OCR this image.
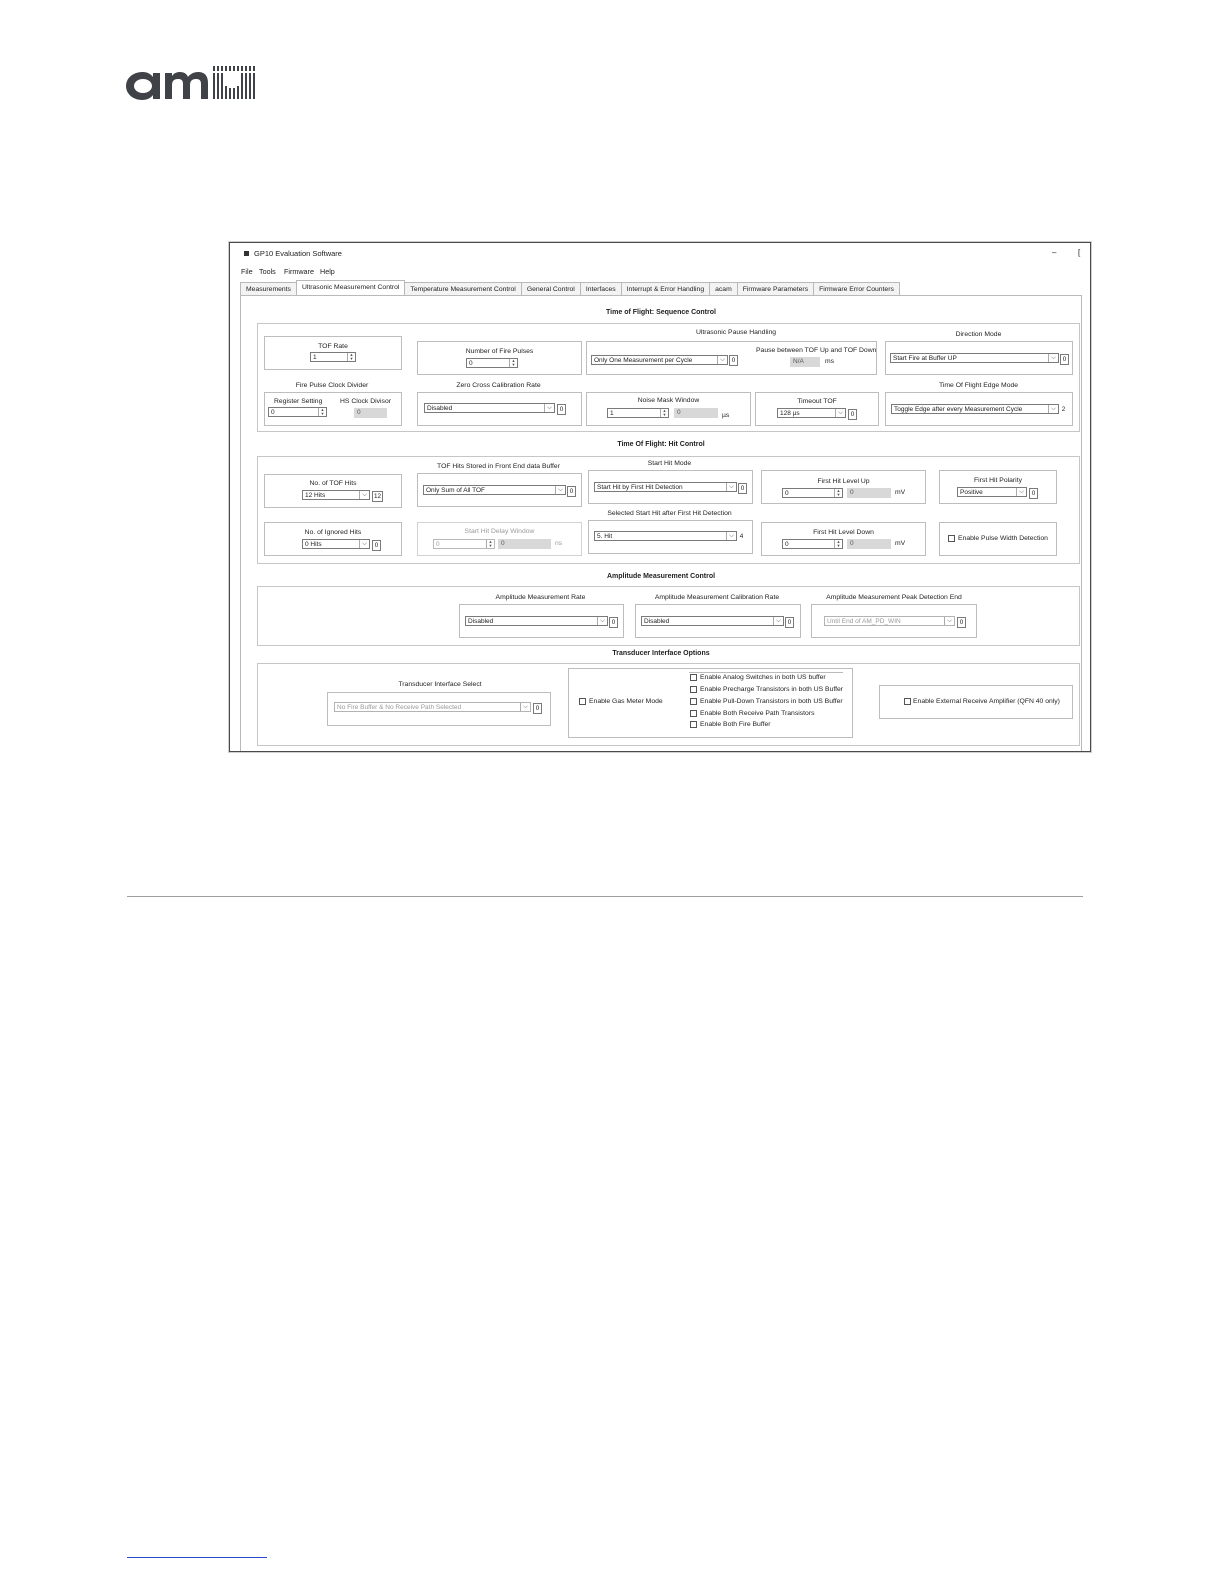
GP10 Evaluation Software	–	[
File Tools Firmware Help
Measurements Ultrasonic Measurement Control Temperature Measurement Control General Control Interfaces Interrupt & Error Handling acam Firmware Parameters Firmware Error Counters
Time of Flight: Sequence Control
TOF Rate
1	▲
▼
Number of Fire Pulses
0	▲
▼
Ultrasonic Pause Handling
Only One Measurement per Cycle	⌵	0
Pause between TOF Up and TOF Down
N/A	ms
Direction Mode
Start Fire at Buffer UP	⌵	0
Fire Pulse Clock Divider
Register Setting
0	▲
▼
HS Clock Divisor
0
Zero Cross Calibration Rate
Disabled	⌵	0
Noise Mask Window
1	▲
▼	0	µs
Timeout TOF
128 µs	⌵	0
Time Of Flight Edge Mode
Toggle Edge after every Measurement Cycle	⌵ 2
Time Of Flight: Hit Control
No. of TOF Hits
12 Hits	⌵	12
TOF Hits Stored in Front End data Buffer
Only Sum of All TOF	⌵	0
Start Hit Mode
Start Hit by First Hit Detection	⌵	0
First Hit Level Up
0	▲
▼	0	mV
First Hit Polarity
Positive	⌵	0
No. of Ignored Hits
0 Hits	⌵	0
Start Hit Delay Window
0	▲
▼	0	ns
Selected Start Hit after First Hit Detection
5. Hit	⌵ 4
First Hit Level Down
0	▲
▼	0	mV
Enable Pulse Width Detection
Amplitude Measurement Control
Amplitude Measurement Rate
Disabled	⌵	0
Amplitude Measurement Calibration Rate
Disabled	⌵	0
Amplitude Measurement Peak Detection End
Until End of AM_PD_WIN	⌵	0
Transducer Interface Options
Transducer Interface Select
No Fire Buffer & No Receive Path Selected	⌵	0
Enable Gas Meter Mode
Enable Analog Switches in both US buffer
Enable Precharge Transistors in both US Buffer
Enable Pull-Down Transistors in both US Buffer
Enable Both Receive Path Transistors
Enable Both Fire Buffer
Enable External Receive Amplifier (QFN 40 only)
